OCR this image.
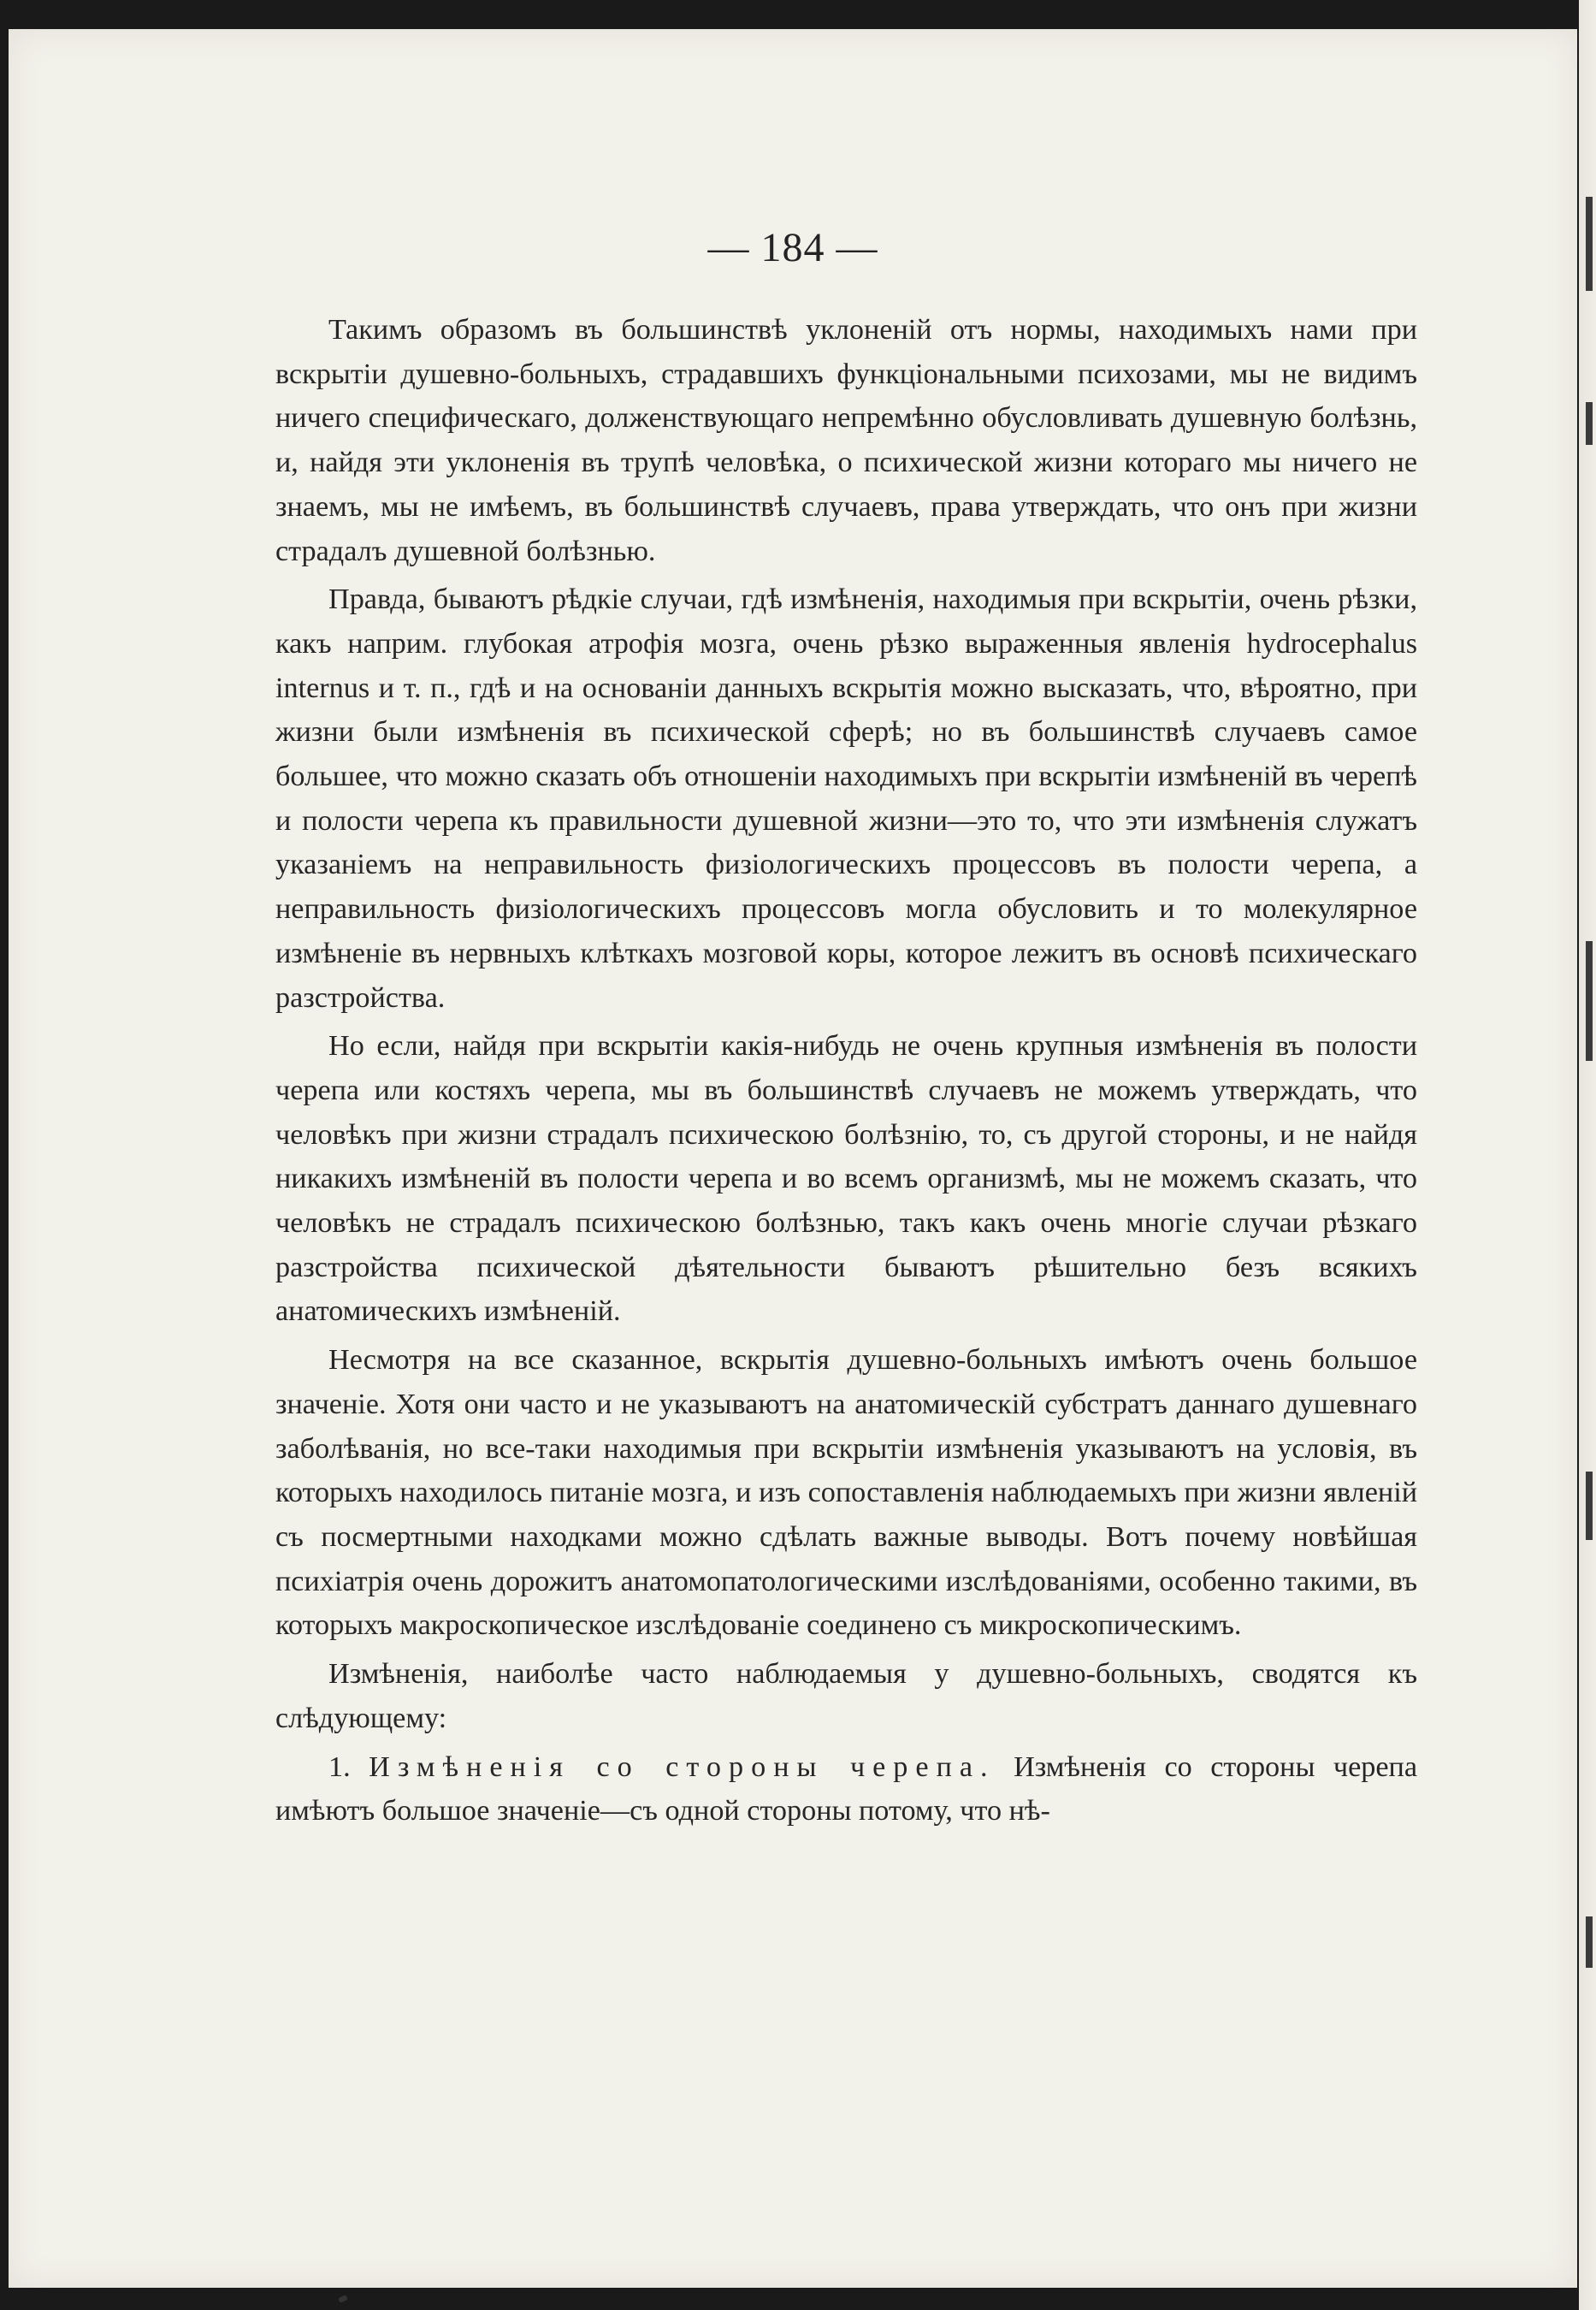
— 184 —

Такимъ образомъ въ большинствѣ уклоненій отъ нормы, находимыхъ нами при вскрытіи душевно-больныхъ, страдавшихъ функціональными психозами, мы не видимъ ничего специфическаго, долженствующаго непремѣнно обусловливать душевную болѣзнь, и, найдя эти уклоненія въ трупѣ человѣка, о психической жизни котораго мы ничего не знаемъ, мы не имѣемъ, въ большинствѣ случаевъ, права утверждать, что онъ при жизни страдалъ душевной болѣзнью.

Правда, бываютъ рѣдкіе случаи, гдѣ измѣненія, находимыя при вскрытіи, очень рѣзки, какъ наприм. глубокая атрофія мозга, очень рѣзко выраженныя явленія hydrocephalus internus и т. п., гдѣ и на основаніи данныхъ вскрытія можно высказать, что, вѣроятно, при жизни были измѣненія въ психической сферѣ; но въ большинствѣ случаевъ самое большее, что можно сказать объ отношеніи находимыхъ при вскрытіи измѣненій въ черепѣ и полости черепа къ правильности душевной жизни—это то, что эти измѣненія служатъ указаніемъ на неправильность физіологическихъ процессовъ въ полости черепа, а неправильность физіологическихъ процессовъ могла обусловить и то молекулярное измѣненіе въ нервныхъ клѣткахъ мозговой коры, которое лежитъ въ основѣ психическаго разстройства.

Но если, найдя при вскрытіи какія-нибудь не очень крупныя измѣненія въ полости черепа или костяхъ черепа, мы въ большинствѣ случаевъ не можемъ утверждать, что человѣкъ при жизни страдалъ психическою болѣзнію, то, съ другой стороны, и не найдя никакихъ измѣненій въ полости черепа и во всемъ организмѣ, мы не можемъ сказать, что человѣкъ не страдалъ психическою болѣзнью, такъ какъ очень многіе случаи рѣзкаго разстройства психической дѣятельности бываютъ рѣшительно безъ всякихъ анатомическихъ измѣненій.

Несмотря на все сказанное, вскрытія душевно-больныхъ имѣютъ очень большое значеніе. Хотя они часто и не указываютъ на анатомическій субстратъ даннаго душевнаго заболѣванія, но все-таки находимыя при вскрытіи измѣненія указываютъ на условія, въ которыхъ находилось питаніе мозга, и изъ сопоставленія наблюдаемыхъ при жизни явленій съ посмертными находками можно сдѣлать важные выводы. Вотъ почему новѣйшая психіатрія очень дорожитъ анатомопатологическими изслѣдованіями, особенно такими, въ которыхъ макроскопическое изслѣдованіе соединено съ микроскопическимъ.

Измѣненія, наиболѣе часто наблюдаемыя у душевно-больныхъ, сводятся къ слѣдующему:

1. Измѣненія со стороны черепа. Измѣненія со стороны черепа имѣютъ большое значеніе—съ одной стороны потому, что нѣ-
